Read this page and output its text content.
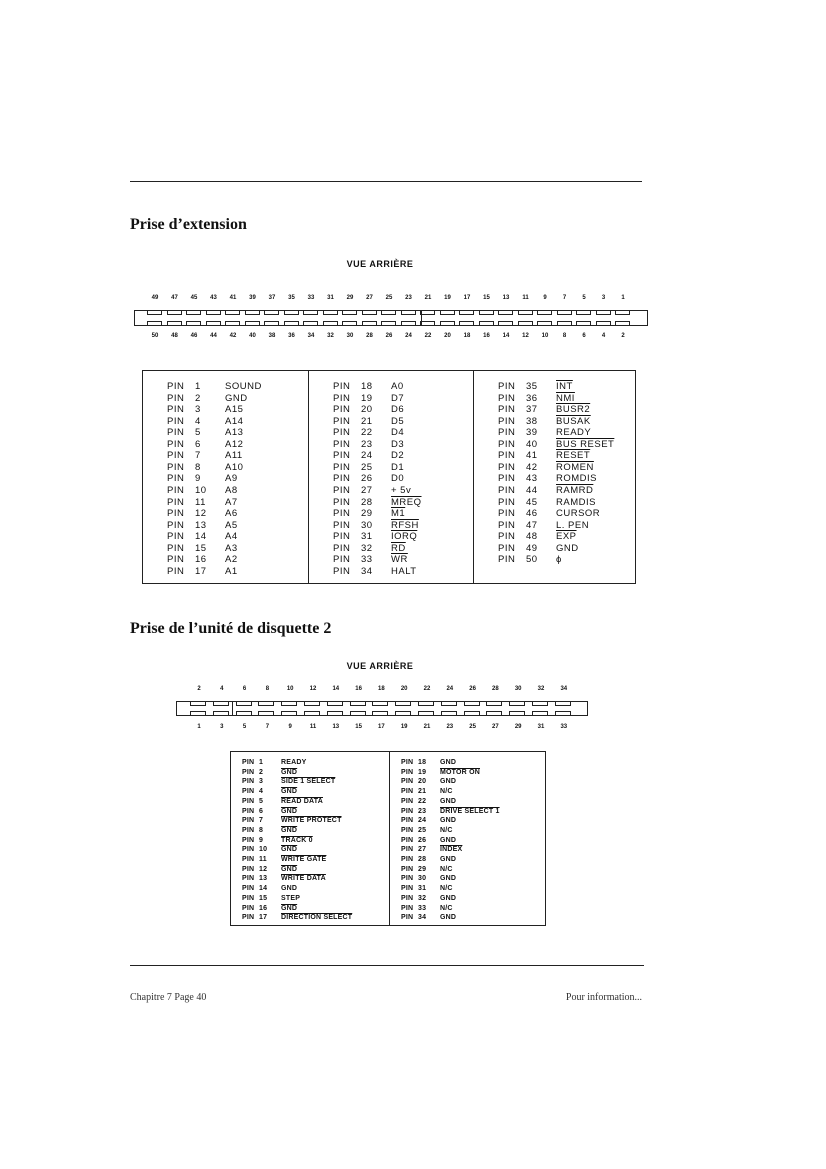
Prise d’extension
VUE ARRIÈRE
49 47 45 43 41 39 37 35 33 31 29 27 25 23 21 19 17 15 13 11 9	7	5	3	1
50 48 46 44 42 40 38 36 34 32 30 28 26 24 22 20 18 16 14 12 10 8	6	4	2
PIN 1	SOUND
PIN 2	GND
PIN 3	A15
PIN 4	A14
PIN 5	A13
PIN 6	A12
PIN 7	A11
PIN 8	A10
PIN 9	A9
PIN 10 A8
PIN 11 A7
PIN 12 A6
PIN 13 A5
PIN 14 A4
PIN 15 A3
PIN 16 A2
PIN 17 A1
PIN 18 A0
PIN 19 D7
PIN 20 D6
PIN 21 D5
PIN 22 D4
PIN 23 D3
PIN 24 D2
PIN 25 D1
PIN 26 D0
PIN 27 + 5v
PIN 28 MREQ
PIN 29 M1
PIN 30 RFSH
PIN 31 IORQ
PIN 32 $\overline{RD}$
PIN 33 $\overline{WR}$
PIN 34 HALT
PIN 35 $\overline{INT}$
PIN 36 $\overline{NMI}$
PIN 37 BUSR2
PIN 38 BUSAK
PIN 39 READY
PIN 40 BUS RESET
PIN 41 RESET
PIN 42 ROMEN
PIN 43 ROMDIS
PIN 44 RAMRD
PIN 45 RAMDIS
PIN 46 CURSOR
PIN 47 L. PEN
PIN 48 $\overline{EXP}$
PIN 49 GND
PIN 50 ϕ
Prise de l’unité de disquette 2
VUE ARRIÈRE
2	4	6	8	10	12	14	16	18	20	22	24	26	28	30	32	34
1	3	5	7	9	11	13	15	17	19	21	23	25	27	29	31	33
PIN 1	READY
PIN 2	$\overline{GND}$
PIN 3	SIDE 1 SELECT
PIN 4	$\overline{GND}$
PIN 5	READ DATA
PIN 6	$\overline{GND}$
PIN 7	WRITE PROTECT
PIN 8	$\overline{GND}$
PIN 9	TRACK 0
PIN 10 $\overline{GND}$
PIN 11 WRITE GATE
PIN 12 $\overline{GND}$
PIN 13 WRITE DATA
PIN 14 GND
PIN 15 STEP
PIN 16 $\overline{GND}$
PIN 17 DIRECTION SELECT
PIN 18 GND
PIN 19 MOTOR ON
PIN 20 GND
PIN 21 N/C
PIN 22 GND
PIN 23 DRIVE SELECT 1
PIN 24 GND
PIN 25 N/C
PIN 26 GND
PIN 27 INDEX
PIN 28 GND
PIN 29 N/C
PIN 30 GND
PIN 31 N/C
PIN 32 GND
PIN 33 N/C
PIN 34 GND
Chapitre 7 Page 40	Pour information...
